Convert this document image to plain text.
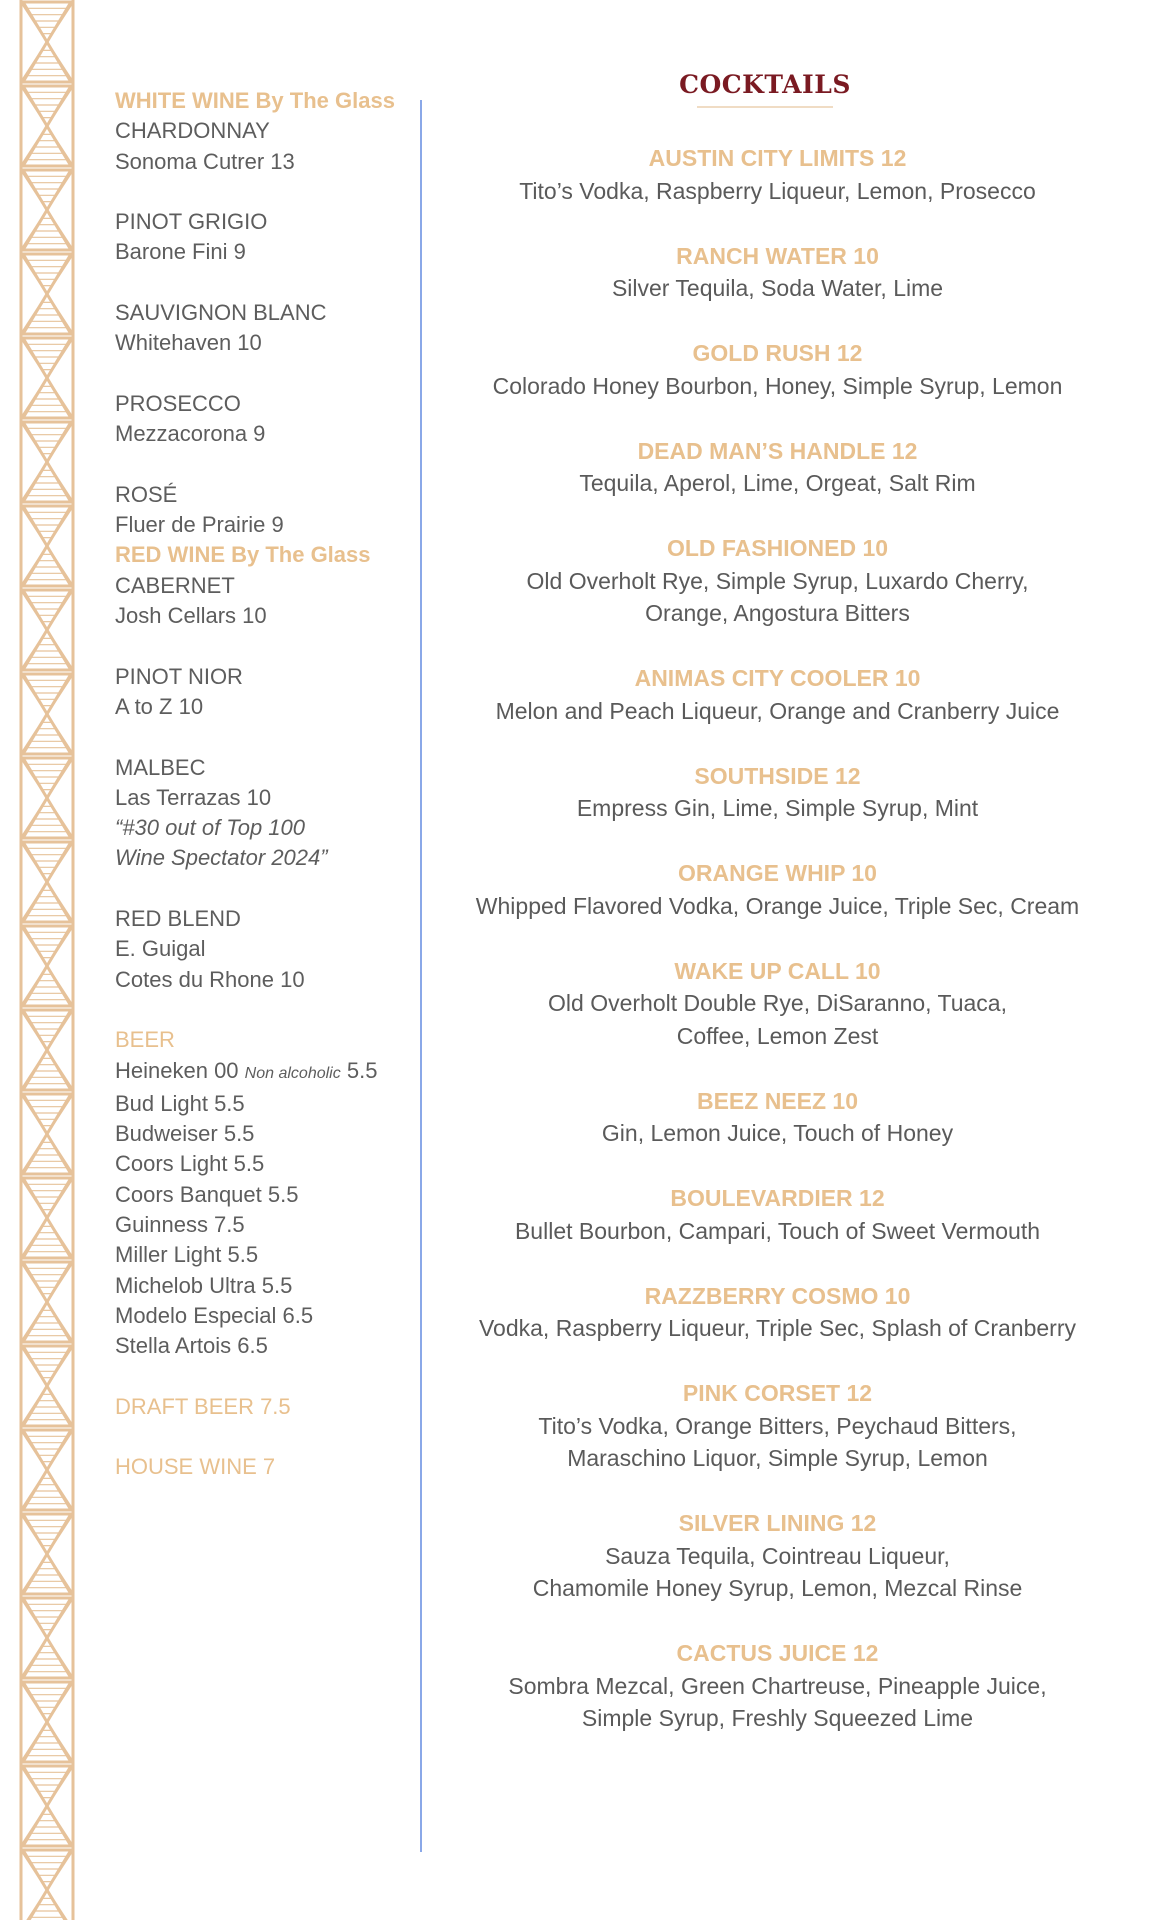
WHITE WINE By The Glass
CHARDONNAY
Sonoma Cutrer 13
PINOT GRIGIO
Barone Fini 9
SAUVIGNON BLANC
Whitehaven 10
PROSECCO
Mezzacorona 9
ROSÉ
Fluer de Prairie 9
RED WINE By The Glass
CABERNET
Josh Cellars 10
PINOT NIOR
A to Z 10
MALBEC
Las Terrazas 10
“#30 out of Top 100
Wine Spectator 2024”
RED BLEND
E. Guigal
Cotes du Rhone 10
BEER
Heineken 00 Non alcoholic 5.5
Bud Light 5.5
Budweiser 5.5
Coors Light 5.5
Coors Banquet 5.5
Guinness 7.5
Miller Light 5.5
Michelob Ultra 5.5
Modelo Especial 6.5
Stella Artois 6.5
DRAFT BEER 7.5
HOUSE WINE 7
COCKTAILS
AUSTIN CITY LIMITS 12
Tito’s Vodka, Raspberry Liqueur, Lemon, Prosecco
RANCH WATER 10
Silver Tequila, Soda Water, Lime
GOLD RUSH 12
Colorado Honey Bourbon, Honey, Simple Syrup, Lemon
DEAD MAN’S HANDLE 12
Tequila, Aperol, Lime, Orgeat, Salt Rim
OLD FASHIONED 10
Old Overholt Rye, Simple Syrup, Luxardo Cherry,
Orange, Angostura Bitters
ANIMAS CITY COOLER 10
Melon and Peach Liqueur, Orange and Cranberry Juice
SOUTHSIDE 12
Empress Gin, Lime, Simple Syrup, Mint
ORANGE WHIP 10
Whipped Flavored Vodka, Orange Juice, Triple Sec, Cream
WAKE UP CALL 10
Old Overholt Double Rye, DiSaranno, Tuaca,
Coffee, Lemon Zest
BEEZ NEEZ 10
Gin, Lemon Juice, Touch of Honey
BOULEVARDIER 12
Bullet Bourbon, Campari, Touch of Sweet Vermouth
RAZZBERRY COSMO 10
Vodka, Raspberry Liqueur, Triple Sec, Splash of Cranberry
PINK CORSET 12
Tito’s Vodka, Orange Bitters, Peychaud Bitters,
Maraschino Liquor, Simple Syrup, Lemon
SILVER LINING 12
Sauza Tequila, Cointreau Liqueur,
Chamomile Honey Syrup, Lemon, Mezcal Rinse
CACTUS JUICE 12
Sombra Mezcal, Green Chartreuse, Pineapple Juice,
Simple Syrup, Freshly Squeezed Lime
